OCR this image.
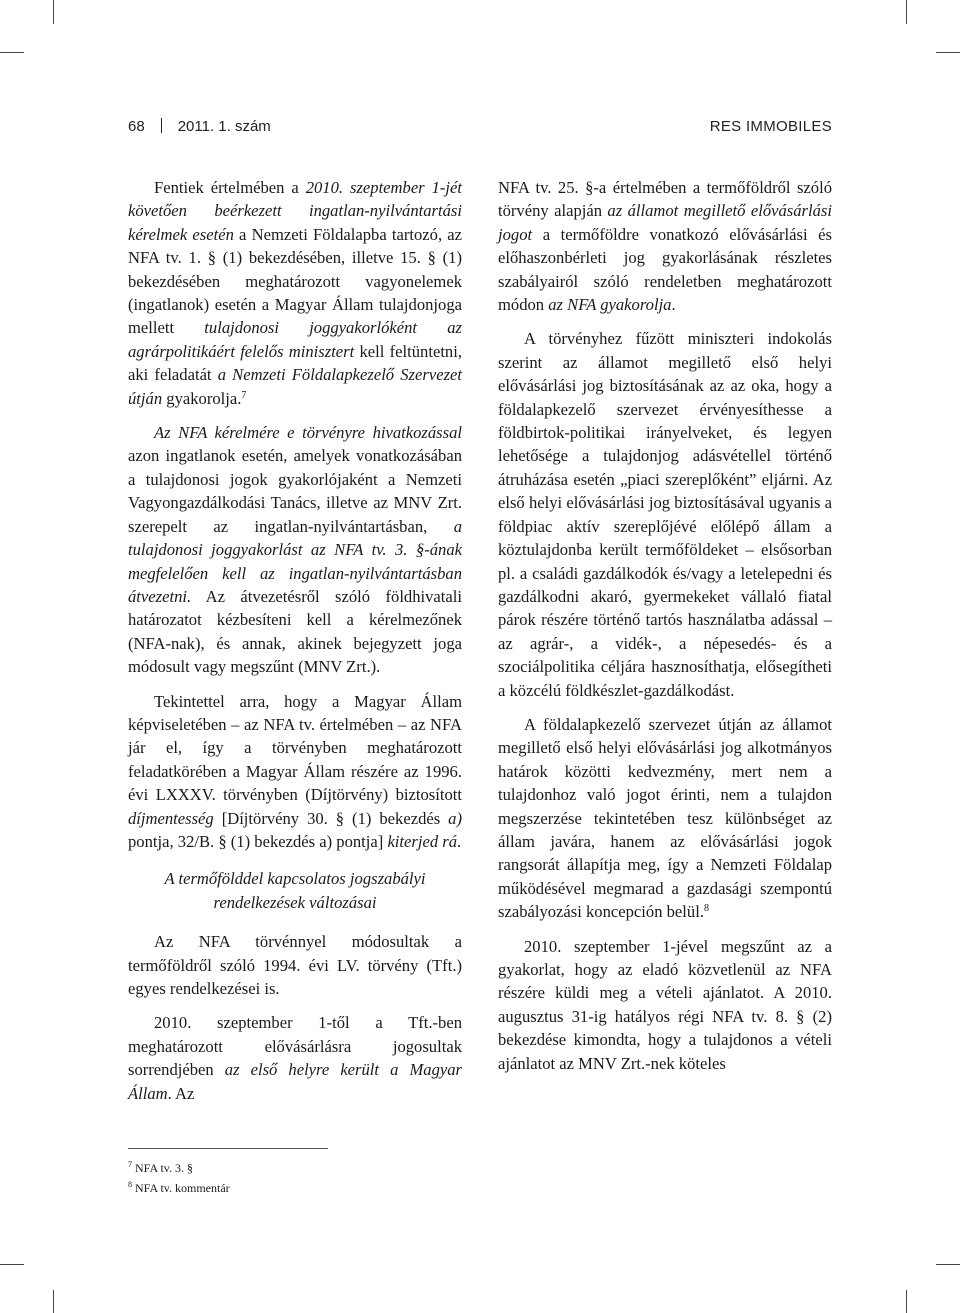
68 2011. 1. szám	RES IMMOBILES

Fentiek értelmében a 2010. szeptember 1-jét követően beérkezett ingatlan-nyilvántartási kérelmek esetén a Nemzeti Földalapba tartozó, az NFA tv. 1. § (1) bekezdésében, illetve 15. § (1) bekezdésében meghatározott vagyonelemek (ingatlanok) esetén a Magyar Állam tulajdonjoga mellett tulajdonosi joggyakorlóként az agrárpolitikáért felelős minisztert kell feltüntetni, aki feladatát a Nemzeti Földalapkezelő Szervezet útján gyakorolja.$^7$

Az NFA kérelmére e törvényre hivatkozással azon ingatlanok esetén, amelyek vonatkozásában a tulajdonosi jogok gyakorlójaként a Nemzeti Vagyongazdálkodási Tanács, illetve az MNV Zrt. szerepelt az ingatlan-nyilvántartásban, a tulajdonosi joggyakorlást az NFA tv. 3. §-ának megfelelően kell az ingatlan-nyilvántartásban átvezetni. Az átvezetésről szóló földhivatali határozatot kézbesíteni kell a kérelmezőnek (NFA-nak), és annak, akinek bejegyzett joga módosult vagy megszűnt (MNV Zrt.).

Tekintettel arra, hogy a Magyar Állam képviseletében – az NFA tv. értelmében – az NFA jár el, így a törvényben meghatározott feladatkörében a Magyar Állam részére az 1996. évi LXXXV. törvényben (Díjtörvény) biztosított díjmentesség [Díjtörvény 30. § (1) bekezdés a) pontja, 32/B. § (1) bekezdés a) pontja] kiterjed rá.

A termőfölddel kapcsolatos jogszabályi
rendelkezések változásai

Az NFA törvénnyel módosultak a termőföldről szóló 1994. évi LV. törvény (Tft.) egyes rendelkezései is.

2010. szeptember 1-től a Tft.-ben meghatározott elővásárlásra jogosultak sorrendjében az első helyre került a Magyar Állam. Az

NFA tv. 25. §-a értelmében a termőföldről szóló törvény alapján az államot megillető elővásárlási jogot a termőföldre vonatkozó elővásárlási és előhaszonbérleti jog gyakorlásának részletes szabályairól szóló rendeletben meghatározott módon az NFA gyakorolja.

A törvényhez fűzött miniszteri indokolás szerint az államot megillető első helyi elővásárlási jog biztosításának az az oka, hogy a földalapkezelő szervezet érvényesíthesse a földbirtok-politikai irányelveket, és legyen lehetősége a tulajdonjog adásvétellel történő átruházása esetén „piaci szereplőként” eljárni. Az első helyi elővásárlási jog biztosításával ugyanis a földpiac aktív szereplőjévé előlépő állam a köztulajdonba került termőföldeket – elsősorban pl. a családi gazdálkodók és/vagy a letelepedni és gazdálkodni akaró, gyermekeket vállaló fiatal párok részére történő tartós használatba adással – az agrár-, a vidék-, a népesedés- és a szociálpolitika céljára hasznosíthatja, elősegítheti a közcélú földkészlet-gazdálkodást.

A földalapkezelő szervezet útján az államot megillető első helyi elővásárlási jog alkotmányos határok közötti kedvezmény, mert nem a tulajdonhoz való jogot érinti, nem a tulajdon megszerzése tekintetében tesz különbséget az állam javára, hanem az elővásárlási jogok rangsorát állapítja meg, így a Nemzeti Földalap működésével megmarad a gazdasági szempontú szabályozási koncepción belül.$^8$

2010. szeptember 1-jével megszűnt az a gyakorlat, hogy az eladó közvetlenül az NFA részére küldi meg a vételi ajánlatot. A 2010. augusztus 31-ig hatályos régi NFA tv. 8. § (2) bekezdése kimondta, hogy a tulajdonos a vételi ajánlatot az MNV Zrt.-nek köteles

$^7$ NFA tv. 3. §
$^8$ NFA tv. kommentár
